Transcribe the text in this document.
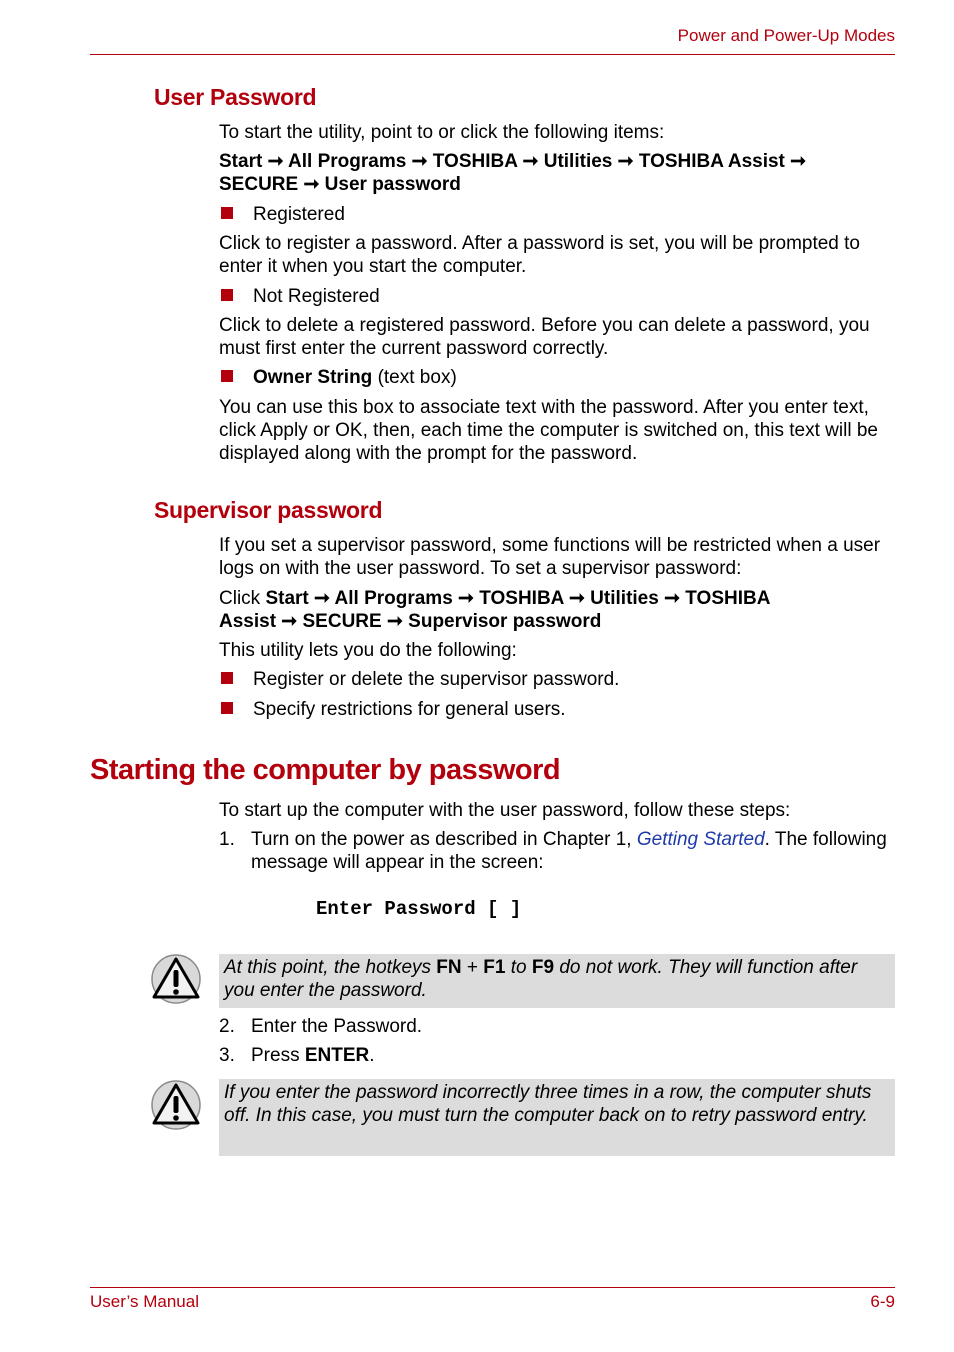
Power and Power-Up Modes
User Password
To start the utility, point to or click the following items:
Start ➞ All Programs ➞ TOSHIBA ➞ Utilities ➞ TOSHIBA Assist ➞
SECURE ➞ User password
Registered
Click to register a password. After a password is set, you will be prompted to enter it when you start the computer.
Not Registered
Click to delete a registered password. Before you can delete a password, you must first enter the current password correctly.
Owner String (text box)
You can use this box to associate text with the password. After you enter text, click Apply or OK, then, each time the computer is switched on, this text will be displayed along with the prompt for the password.
Supervisor password
If you set a supervisor password, some functions will be restricted when a user logs on with the user password. To set a supervisor password:
Click Start ➞ All Programs ➞ TOSHIBA ➞ Utilities ➞ TOSHIBA
Assist ➞ SECURE ➞ Supervisor password
This utility lets you do the following:
Register or delete the supervisor password.
Specify restrictions for general users.
Starting the computer by password
To start up the computer with the user password, follow these steps:
1. Turn on the power as described in Chapter 1, Getting Started. The following message will appear in the screen:
Enter Password [ ]
At this point, the hotkeys FN + F1 to F9 do not work. They will function after you enter the password.
2. Enter the Password.
3. Press ENTER.
If you enter the password incorrectly three times in a row, the computer shuts off. In this case, you must turn the computer back on to retry password entry.
User’s Manual	6-9
